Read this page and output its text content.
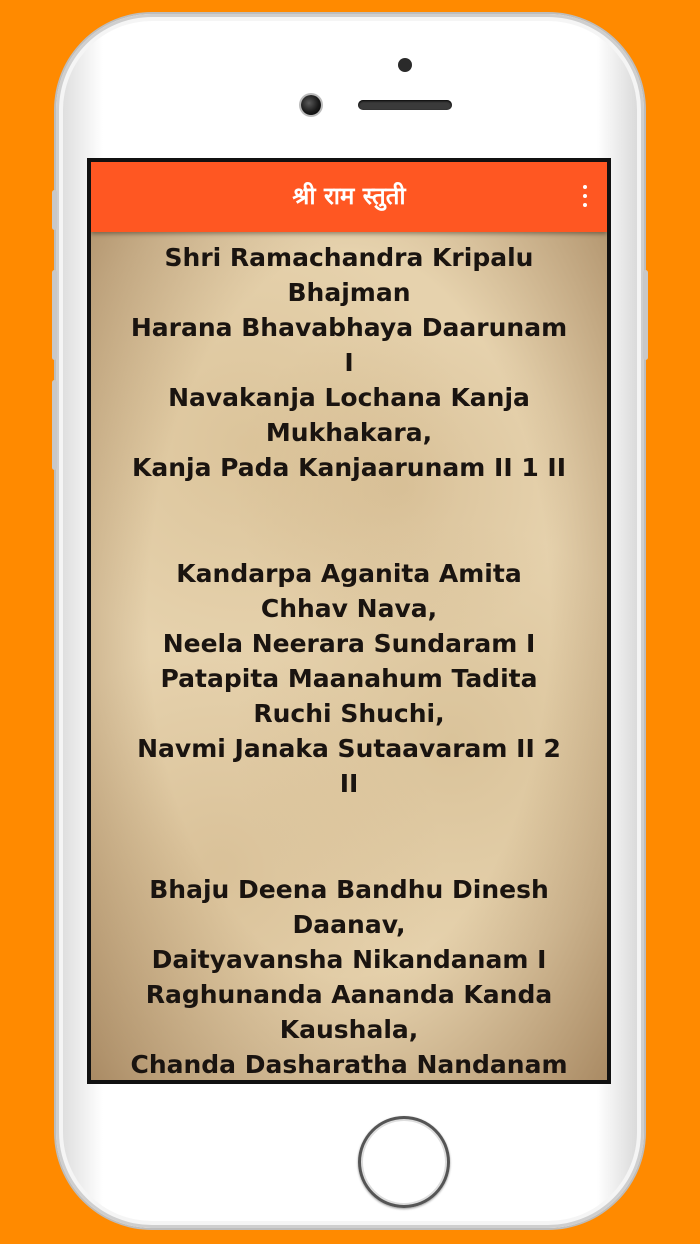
श्री राम स्तुती
Shri Ramachandra Kripalu
Bhajman
Harana Bhavabhaya Daarunam
I
Navakanja Lochana Kanja
Mukhakara,
Kanja Pada Kanjaarunam II 1 II
Kandarpa Aganita Amita
Chhav Nava,
Neela Neerara Sundaram I
Patapita Maanahum Tadita
Ruchi Shuchi,
Navmi Janaka Sutaavaram II 2
II
Bhaju Deena Bandhu Dinesh
Daanav,
Daityavansha Nikandanam I
Raghunanda Aananda Kanda
Kaushala,
Chanda Dasharatha Nandanam
